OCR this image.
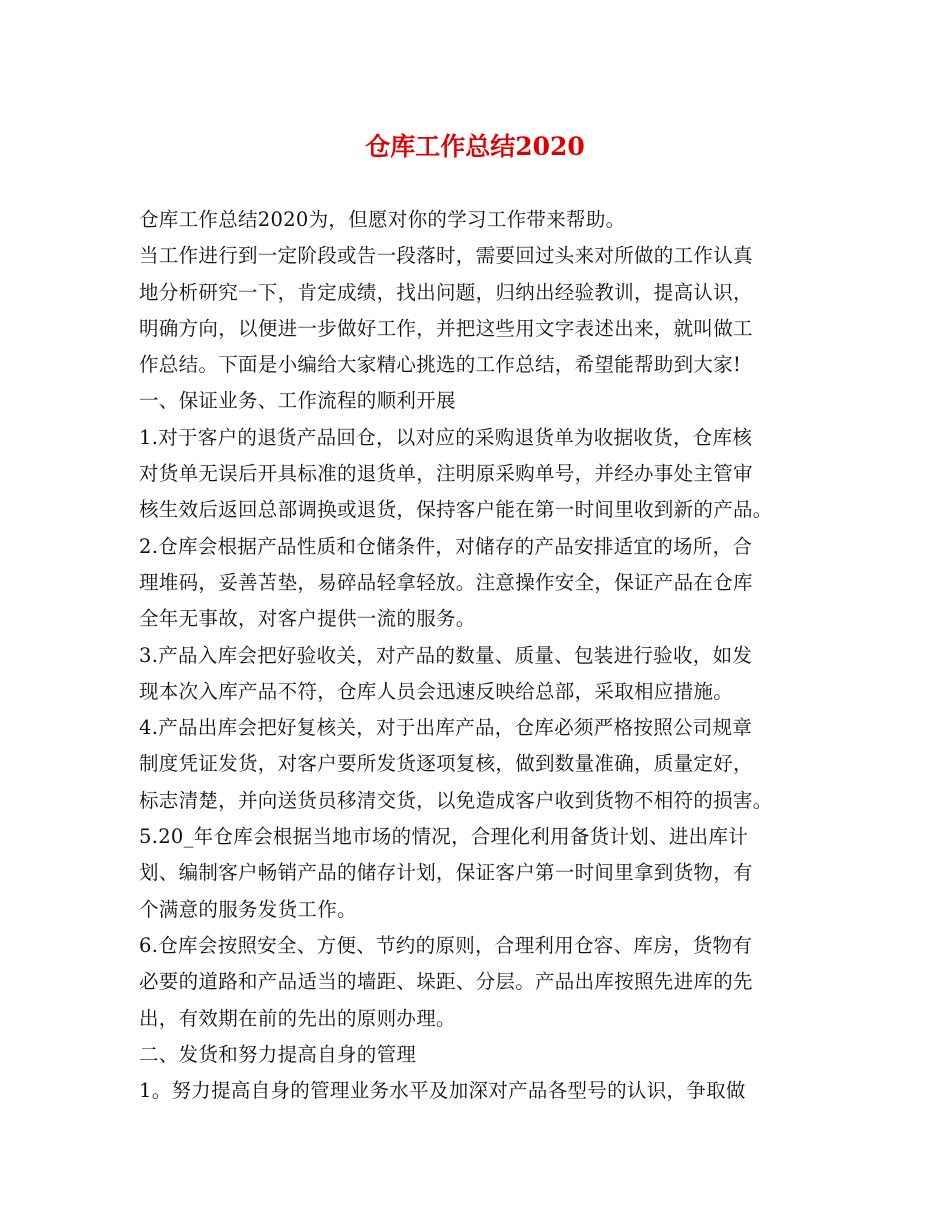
仓库工作总结2020
仓库工作总结2020为，但愿对你的学习工作带来帮助。
当工作进行到一定阶段或告一段落时，需要回过头来对所做的工作认真
地分析研究一下，肯定成绩，找出问题，归纳出经验教训，提高认识，
明确方向，以便进一步做好工作，并把这些用文字表述出来，就叫做工
作总结。下面是小编给大家精心挑选的工作总结，希望能帮助到大家!
一、保证业务、工作流程的顺利开展
1.对于客户的退货产品回仓，以对应的采购退货单为收据收货，仓库核
对货单无误后开具标准的退货单，注明原采购单号，并经办事处主管审
核生效后返回总部调换或退货，保持客户能在第一时间里收到新的产品。
2.仓库会根据产品性质和仓储条件，对储存的产品安排适宜的场所，合
理堆码，妥善苫垫，易碎品轻拿轻放。注意操作安全，保证产品在仓库
全年无事故，对客户提供一流的服务。
3.产品入库会把好验收关，对产品的数量、质量、包装进行验收，如发
现本次入库产品不符，仓库人员会迅速反映给总部，采取相应措施。
4.产品出库会把好复核关，对于出库产品，仓库必须严格按照公司规章
制度凭证发货，对客户要所发货逐项复核，做到数量准确，质量定好，
标志清楚，并向送货员移清交货，以免造成客户收到货物不相符的损害。
5.20_年仓库会根据当地市场的情况，合理化利用备货计划、进出库计
划、编制客户畅销产品的储存计划，保证客户第一时间里拿到货物，有
个满意的服务发货工作。
6.仓库会按照安全、方便、节约的原则，合理利用仓容、库房，货物有
必要的道路和产品适当的墙距、垛距、分层。产品出库按照先进库的先
出，有效期在前的先出的原则办理。
二、发货和努力提高自身的管理
1。努力提高自身的管理业务水平及加深对产品各型号的认识，争取做
